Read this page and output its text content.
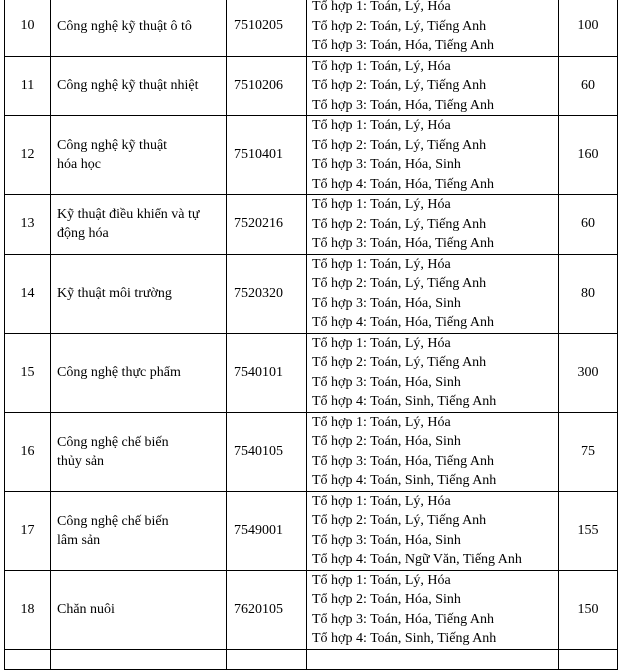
10	Công nghệ kỹ thuật ô tô	7510205	Tổ hợp 1: Toán, Lý, Hóa
Tổ hợp 2: Toán, Lý, Tiếng Anh
Tổ hợp 3: Toán, Hóa, Tiếng Anh	100
11	Công nghệ kỹ thuật nhiệt	7510206	Tổ hợp 1: Toán, Lý, Hóa
Tổ hợp 2: Toán, Lý, Tiếng Anh
Tổ hợp 3: Toán, Hóa, Tiếng Anh	60
12	Công nghệ kỹ thuật
hóa học	7510401	Tổ hợp 1: Toán, Lý, Hóa
Tổ hợp 2: Toán, Lý, Tiếng Anh
Tổ hợp 3: Toán, Hóa, Sinh
Tổ hợp 4: Toán, Hóa, Tiếng Anh	160
13	Kỹ thuật điều khiển và tự
động hóa	7520216	Tổ hợp 1: Toán, Lý, Hóa
Tổ hợp 2: Toán, Lý, Tiếng Anh
Tổ hợp 3: Toán, Hóa, Tiếng Anh	60
14	Kỹ thuật môi trường	7520320	Tổ hợp 1: Toán, Lý, Hóa
Tổ hợp 2: Toán, Lý, Tiếng Anh
Tổ hợp 3: Toán, Hóa, Sinh
Tổ hợp 4: Toán, Hóa, Tiếng Anh	80
15	Công nghệ thực phẩm	7540101	Tổ hợp 1: Toán, Lý, Hóa
Tổ hợp 2: Toán, Lý, Tiếng Anh
Tổ hợp 3: Toán, Hóa, Sinh
Tổ hợp 4: Toán, Sinh, Tiếng Anh	300
16	Công nghệ chế biến
thủy sản	7540105	Tổ hợp 1: Toán, Lý, Hóa
Tổ hợp 2: Toán, Hóa, Sinh
Tổ hợp 3: Toán, Hóa, Tiếng Anh
Tổ hợp 4: Toán, Sinh, Tiếng Anh	75
17	Công nghệ chế biến
lâm sản	7549001	Tổ hợp 1: Toán, Lý, Hóa
Tổ hợp 2: Toán, Lý, Tiếng Anh
Tổ hợp 3: Toán, Hóa, Sinh
Tổ hợp 4: Toán, Ngữ Văn, Tiếng Anh	155
18	Chăn nuôi	7620105	Tổ hợp 1: Toán, Lý, Hóa
Tổ hợp 2: Toán, Hóa, Sinh
Tổ hợp 3: Toán, Hóa, Tiếng Anh
Tổ hợp 4: Toán, Sinh, Tiếng Anh	150
